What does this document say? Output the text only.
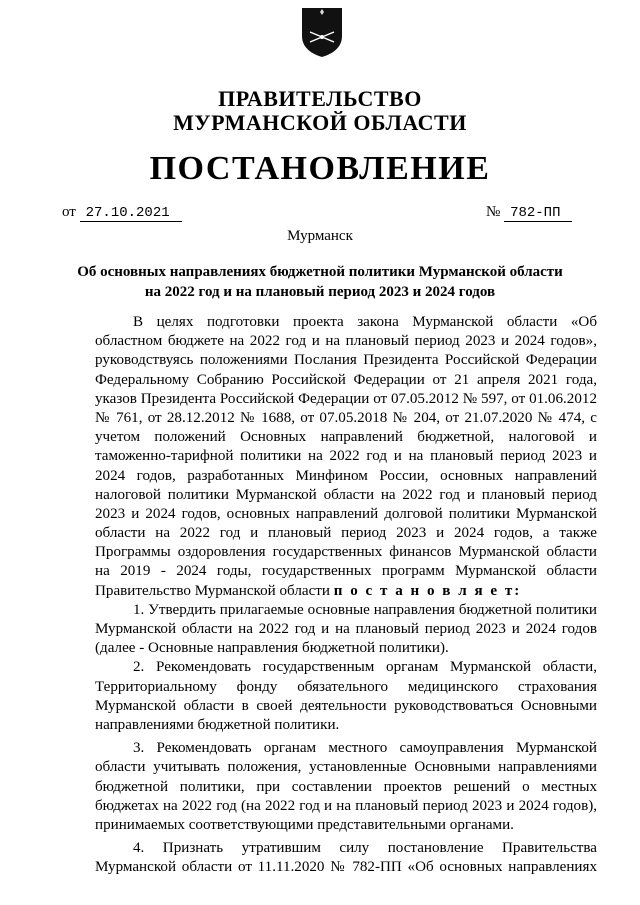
ПРАВИТЕЛЬСТВО
МУРМАНСКОЙ ОБЛАСТИ
ПОСТАНОВЛЕНИЕ
от 27.10.2021	№ 782-ПП
Мурманск
Об основных направлениях бюджетной политики Мурманской области
на 2022 год и на плановый период 2023 и 2024 годов
В целях подготовки проекта закона Мурманской области «Об
областном бюджете на 2022 год и на плановый период 2023 и 2024 годов»,
руководствуясь положениями Послания Президента Российской Федерации
Федеральному Собранию Российской Федерации от 21 апреля 2021 года,
указов Президента Российской Федерации от 07.05.2012 № 597, от 01.06.2012
№ 761, от 28.12.2012 № 1688, от 07.05.2018 № 204, от 21.07.2020 № 474, с
учетом положений Основных направлений бюджетной, налоговой и
таможенно-тарифной политики на 2022 год и на плановый период 2023 и
2024 годов, разработанных Минфином России, основных направлений
налоговой политики Мурманской области на 2022 год и плановый период
2023 и 2024 годов, основных направлений долговой политики Мурманской
области на 2022 год и плановый период 2023 и 2024 годов, а также
Программы оздоровления государственных финансов Мурманской области
на 2019 - 2024 годы, государственных программ Мурманской области
Правительство Мурманской области п о с т а н о в л я е т:
1. Утвердить прилагаемые основные направления бюджетной политики
Мурманской области на 2022 год и на плановый период 2023 и 2024 годов
(далее - Основные направления бюджетной политики).
2. Рекомендовать государственным органам Мурманской области,
Территориальному фонду обязательного медицинского страхования
Мурманской области в своей деятельности руководствоваться Основными
направлениями бюджетной политики.
3. Рекомендовать органам местного самоуправления Мурманской
области учитывать положения, установленные Основными направлениями
бюджетной политики, при составлении проектов решений о местных
бюджетах на 2022 год (на 2022 год и на плановый период 2023 и 2024 годов),
принимаемых соответствующими представительными органами.
4. Признать утратившим силу постановление Правительства
Мурманской области от 11.11.2020 № 782-ПП «Об основных направлениях
